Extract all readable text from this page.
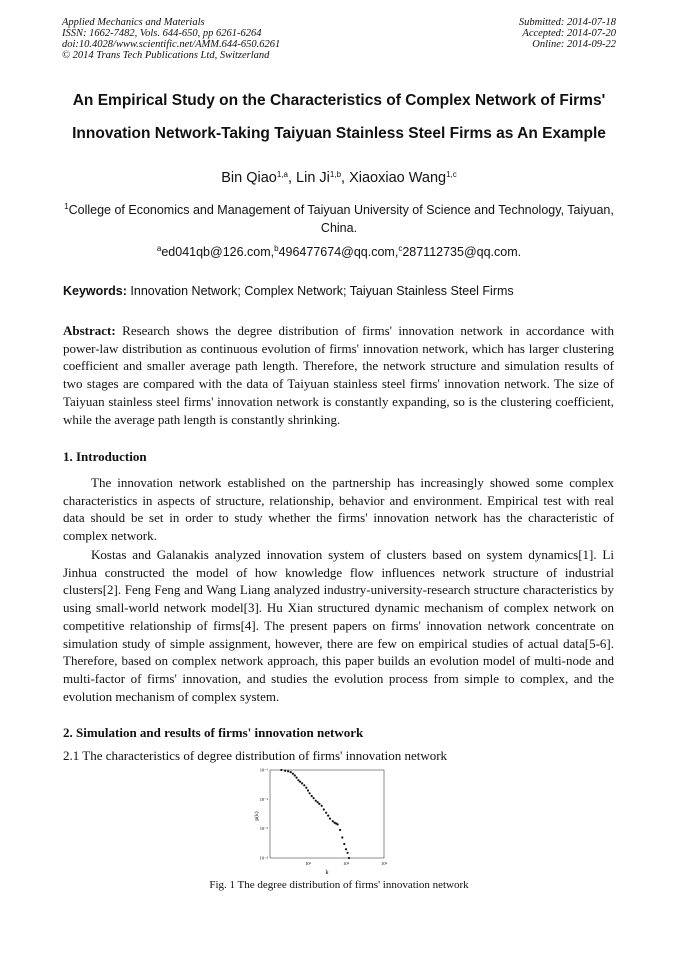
Applied Mechanics and Materials
ISSN: 1662-7482, Vols. 644-650, pp 6261-6264
doi:10.4028/www.scientific.net/AMM.644-650.6261
© 2014 Trans Tech Publications Ltd, Switzerland
Submitted: 2014-07-18
Accepted: 2014-07-20
Online: 2014-09-22
An Empirical Study on the Characteristics of Complex Network of Firms'
Innovation Network-Taking Taiyuan Stainless Steel Firms as An Example
Bin Qiao$^{1,a}$, Lin Ji$^{1,b}$, Xiaoxiao Wang$^{1,c}$
$^1$College of Economics and Management of Taiyuan University of Science and Technology, Taiyuan, China.
$^a$ed041qb@126.com,$^b$496477674@qq.com,$^c$287112735@qq.com.
Keywords: Innovation Network; Complex Network; Taiyuan Stainless Steel Firms
Abstract: Research shows the degree distribution of firms' innovation network in accordance with power-law distribution as continuous evolution of firms' innovation network, which has larger clustering coefficient and smaller average path length. Therefore, the network structure and simulation results of two stages are compared with the data of Taiyuan stainless steel firms' innovation network. The size of Taiyuan stainless steel firms' innovation network is constantly expanding, so is the clustering coefficient, while the average path length is constantly shrinking.
1. Introduction
The innovation network established on the partnership has increasingly showed some complex characteristics in aspects of structure, relationship, behavior and environment. Empirical test with real data should be set in order to study whether the firms' innovation network has the characteristic of complex network.
Kostas and Galanakis analyzed innovation system of clusters based on system dynamics[1]. Li Jinhua constructed the model of how knowledge flow influences network structure of industrial clusters[2]. Feng Feng and Wang Liang analyzed industry-university-research structure characteristics by using small-world network model[3]. Hu Xian structured dynamic mechanism of complex network on competitive relationship of firms[4]. The present papers on firms' innovation network concentrate on simulation study of simple assignment, however, there are few on empirical studies of actual data[5-6]. Therefore, based on complex network approach, this paper builds an evolution model of multi-node and multi-factor of firms' innovation, and studies the evolution process from simple to complex, and the evolution mechanism of complex system.
2. Simulation and results of firms' innovation network
2.1 The characteristics of degree distribution of firms' innovation network
p(k)
k
10¹	10²	10³
10⁻¹
10⁻²
10⁻³
10⁻⁴
Fig. 1 The degree distribution of firms' innovation network
